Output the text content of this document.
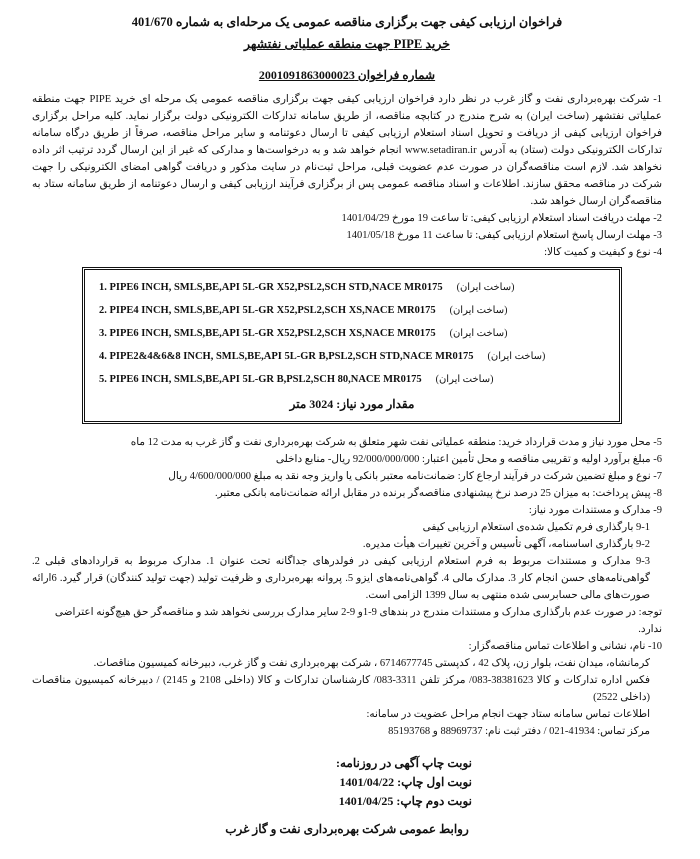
فراخوان ارزیابی کیفی جهت برگزاری مناقصه عمومی یک مرحله‌ای به شماره 401/670
خرید PIPE جهت منطقه عملیاتی نفتشهر
شماره فراخوان 2001091863000023
1- شرکت بهره‌برداری نفت و گاز غرب در نظر دارد فراخوان ارزیابی کیفی جهت برگزاری مناقصه عمومی یک مرحله ای خرید PIPE جهت منطقه عملیاتی نفتشهر (ساخت ایران) به شرح مندرج در کتابچه مناقصه، از طریق سامانه تدارکات الکترونیکی دولت برگزار نماید. کلیه مراحل برگزاری فراخوان ارزیابی کیفی از دریافت و تحویل اسناد استعلام ارزیابی کیفی تا ارسال دعوتنامه و سایر مراحل مناقصه، صرفاً از طریق درگاه سامانه تدارکات الکترونیکی دولت (ستاد) به آدرس www.setadiran.ir انجام خواهد شد و به درخواست‌ها و مدارکی که غیر از این ارسال گردد ترتیب اثر داده نخواهد شد. لازم است مناقصه‌گران در صورت عدم عضویت قبلی، مراحل ثبت‌نام در سایت مذکور و دریافت گواهی امضای الکترونیکی را جهت شرکت در مناقصه محقق سازند. اطلاعات و اسناد مناقصه عمومی پس از برگزاری فرآیند ارزیابی کیفی و ارسال دعوتنامه از طریق سامانه ستاد به مناقصه‌گران ارسال خواهد شد.
2- مهلت دریافت اسناد استعلام ارزیابی کیفی: تا ساعت 19 مورخ 1401/04/29
3- مهلت ارسال پاسخ استعلام ارزیابی کیفی: تا ساعت 11 مورخ 1401/05/18
4- نوع و کیفیت و کمیت کالا:
1. PIPE6 INCH, SMLS,BE,API 5L-GR X52,PSL2,SCH STD,NACE MR0175 (ساخت ایران)
2. PIPE4 INCH, SMLS,BE,API 5L-GR X52,PSL2,SCH XS,NACE MR0175 (ساخت ایران)
3. PIPE6 INCH, SMLS,BE,API 5L-GR X52,PSL2,SCH XS,NACE MR0175 (ساخت ایران)
4. PIPE2&4&6&8 INCH, SMLS,BE,API 5L-GR B,PSL2,SCH STD,NACE MR0175 (ساخت ایران)
5. PIPE6 INCH, SMLS,BE,API 5L-GR B,PSL2,SCH 80,NACE MR0175 (ساخت ایران)
مقدار مورد نیاز: 3024 متر
5- محل مورد نیاز و مدت قرارداد خرید: منطقه عملیاتی نفت شهر متعلق به شرکت بهره‌برداری نفت و گاز غرب به مدت 12 ماه
6- مبلغ برآورد اولیه و تقریبی مناقصه و محل تأمین اعتبار: 92/000/000/000 ریال- منابع داخلی
7- نوع و مبلغ تضمین شرکت در فرآیند ارجاع کار: ضمانت‌نامه معتبر بانکی یا واریز وجه نقد به مبلغ 4/600/000/000 ریال
8- پیش پرداخت: به میزان 25 درصد نرخ پیشنهادی مناقصه‌گر برنده در مقابل ارائه ضمانت‌نامه بانکی معتبر.
9- مدارک و مستندات مورد نیاز:
9-1 بارگذاری فرم تکمیل شده‌ی استعلام ارزیابی کیفی
9-2 بارگذاری اساسنامه، آگهی تأسیس و آخرین تغییرات هیأت مدیره.
9-3 مدارک و مستندات مربوط به فرم استعلام ارزیابی کیفی در فولدرهای جداگانه تحت عنوان 1. مدارک مربوط به قراردادهای قبلی 2. گواهی‌نامه‌های حسن انجام کار 3. مدارک مالی 4. گواهی‌نامه‌های ایزو 5. پروانه بهره‌برداری و ظرفیت تولید (جهت تولید کنندگان) قرار گیرد. 6ارائه صورت‌های مالی حسابرسی شده منتهی به سال 1399 الزامی است.
توجه: در صورت عدم بارگذاری مدارک و مستندات مندرج در بندهای 9-1و 9-2 سایر مدارک بررسی نخواهد شد و مناقصه‌گر حق هیچ‌گونه اعتراضی ندارد.
10- نام، نشانی و اطلاعات تماس مناقصه‌گزار:
کرمانشاه، میدان نفت، بلوار زن، پلاک 42 ، کدپستی 6714677745 ، شرکت بهره‌برداری نفت و گاز غرب، دبیرخانه کمیسیون مناقصات.
فکس اداره تدارکات و کالا 38381623-083/ مرکز تلفن 3311-083/ کارشناسان تدارکات و کالا (داخلی 2108 و 2145) / دبیرخانه کمیسیون مناقصات (داخلی 2522)
اطلاعات تماس سامانه ستاد جهت انجام مراحل عضویت در سامانه:
مرکز تماس: 41934-021 / دفتر ثبت نام: 88969737 و 85193768
نوبت چاپ آگهی در روزنامه:
نوبت اول چاپ: 1401/04/22
نوبت دوم چاپ: 1401/04/25
روابط عمومی شرکت بهره‌برداری نفت و گاز غرب
